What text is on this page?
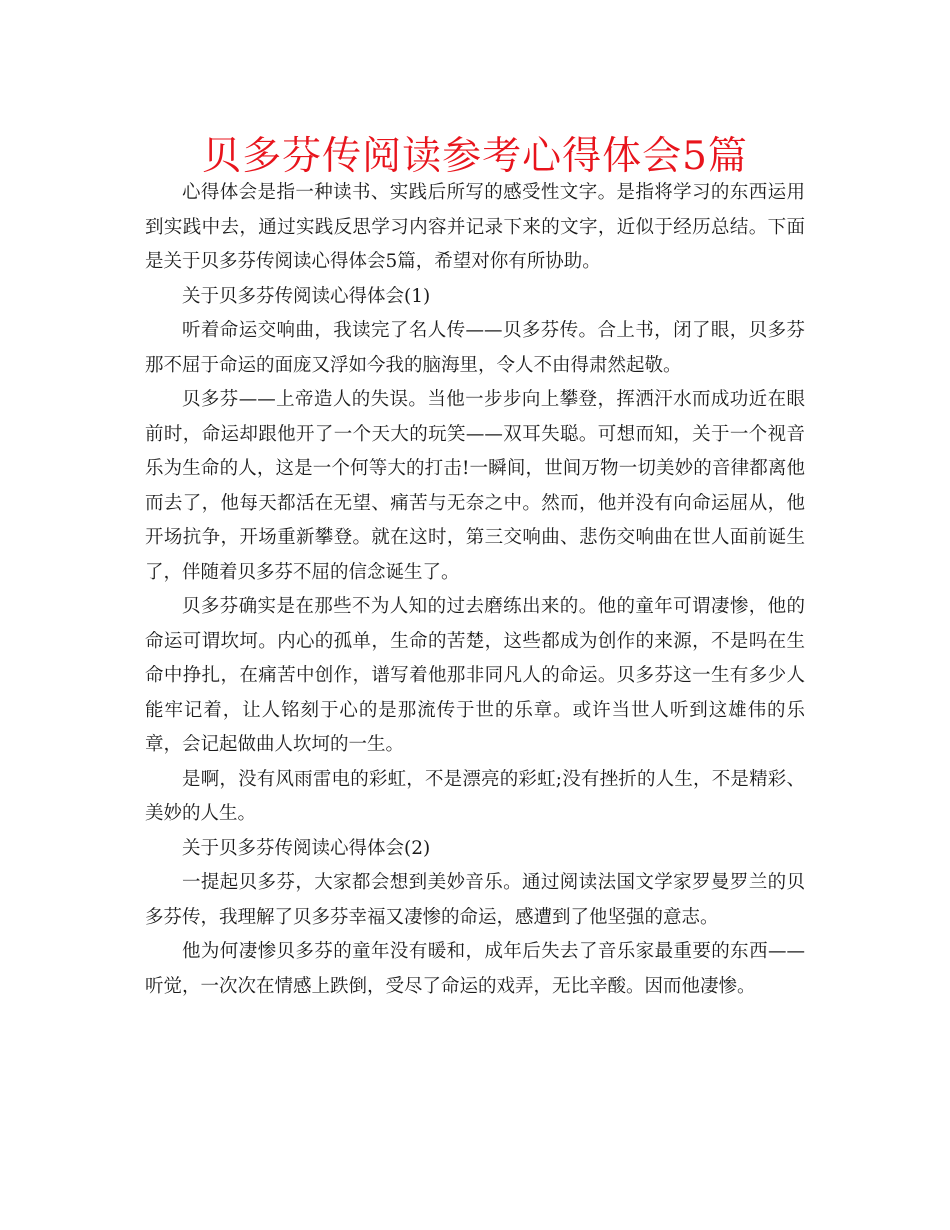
贝多芬传阅读参考心得体会5篇

心得体会是指一种读书、实践后所写的感受性文字。是指将学习的东西运用到实践中去，通过实践反思学习内容并记录下来的文字，近似于经历总结。下面是关于贝多芬传阅读心得体会5篇，希望对你有所协助。

关于贝多芬传阅读心得体会(1)

听着命运交响曲，我读完了名人传——贝多芬传。合上书，闭了眼，贝多芬那不屈于命运的面庞又浮如今我的脑海里，令人不由得肃然起敬。

贝多芬——上帝造人的失误。当他一步步向上攀登，挥洒汗水而成功近在眼前时，命运却跟他开了一个天大的玩笑——双耳失聪。可想而知，关于一个视音乐为生命的人，这是一个何等大的打击!一瞬间，世间万物一切美妙的音律都离他而去了，他每天都活在无望、痛苦与无奈之中。然而，他并没有向命运屈从，他开场抗争，开场重新攀登。就在这时，第三交响曲、悲伤交响曲在世人面前诞生了，伴随着贝多芬不屈的信念诞生了。

贝多芬确实是在那些不为人知的过去磨练出来的。他的童年可谓凄惨，他的命运可谓坎坷。内心的孤单，生命的苦楚，这些都成为创作的来源，不是吗在生命中挣扎，在痛苦中创作，谱写着他那非同凡人的命运。贝多芬这一生有多少人能牢记着，让人铭刻于心的是那流传于世的乐章。或许当世人听到这雄伟的乐章，会记起做曲人坎坷的一生。

是啊，没有风雨雷电的彩虹，不是漂亮的彩虹;没有挫折的人生，不是精彩、美妙的人生。

关于贝多芬传阅读心得体会(2)

一提起贝多芬，大家都会想到美妙音乐。通过阅读法国文学家罗曼罗兰的贝多芬传，我理解了贝多芬幸福又凄惨的命运，感遭到了他坚强的意志。

他为何凄惨贝多芬的童年没有暖和，成年后失去了音乐家最重要的东西——听觉，一次次在情感上跌倒，受尽了命运的戏弄，无比辛酸。因而他凄惨。
